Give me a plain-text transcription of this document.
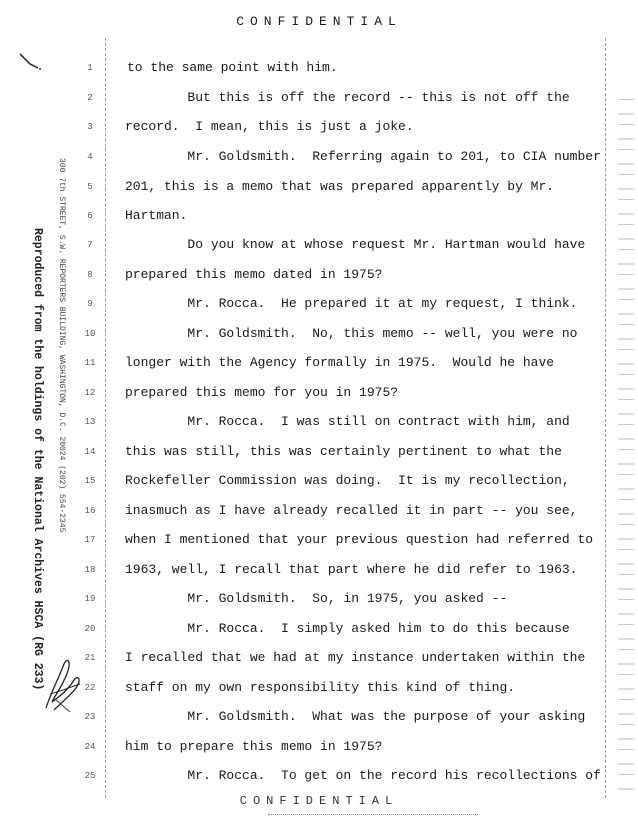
CONFIDENTIAL
Reproduced from the holdings of the National Archives HSCA (RG 233) 300 7th STREET, S.W. REPORTERS BUILDING, WASHINGTON, D.C. 20024 (202) 554-2345
1	to the same point with him.
2	But this is off the record -- this is not off the
3	record.  I mean, this is just a joke.
4	Mr. Goldsmith.  Referring again to 201, to CIA number
5	201, this is a memo that was prepared apparently by Mr.
6	Hartman.
7	Do you know at whose request Mr. Hartman would have
8	prepared this memo dated in 1975?
9	Mr. Rocca.  He prepared it at my request, I think.
10 Mr. Goldsmith.  No, this memo -- well, you were no
11 longer with the Agency formally in 1975.  Would he have
12 prepared this memo for you in 1975?
13 Mr. Rocca.  I was still on contract with him, and
14 this was still, this was certainly pertinent to what the
15 Rockefeller Commission was doing.  It is my recollection,
16 inasmuch as I have already recalled it in part -- you see,
17 when I mentioned that your previous question had referred to
18 1963, well, I recall that part where he did refer to 1963.
19 Mr. Goldsmith.  So, in 1975, you asked --
20 Mr. Rocca.  I simply asked him to do this because
21 I recalled that we had at my instance undertaken within the
22 staff on my own responsibility this kind of thing.
23 Mr. Goldsmith.  What was the purpose of your asking
24 him to prepare this memo in 1975?
25 Mr. Rocca.  To get on the record his recollections of
CONFIDENTIAL
